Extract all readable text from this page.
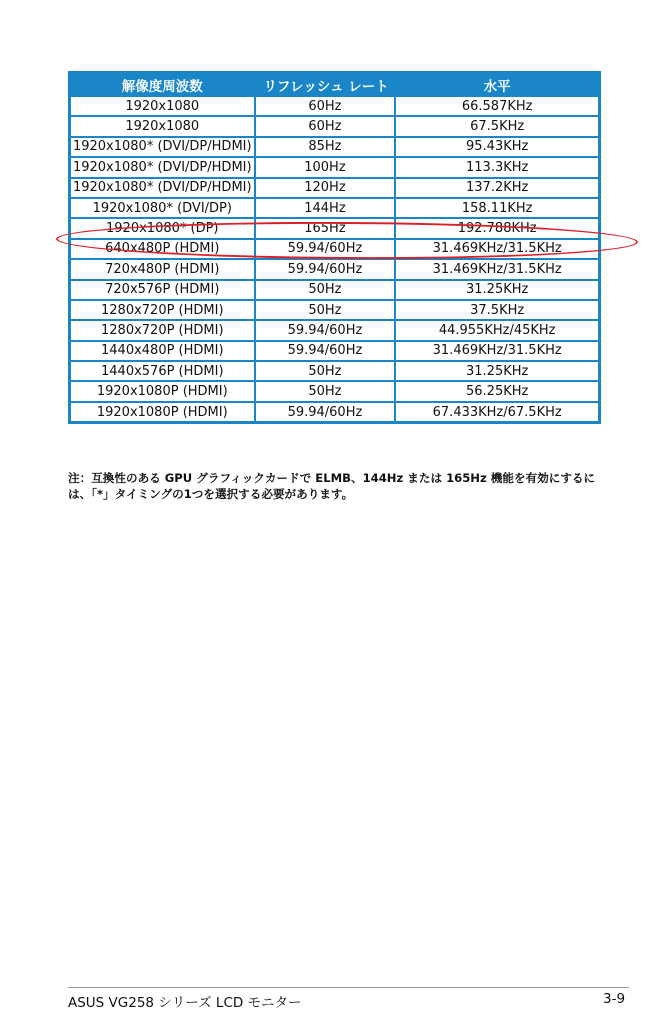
解像度周波数	リフレッシュ レート	水平
1920x1080	60Hz	66.587KHz
1920x1080	60Hz	67.5KHz
1920x1080* (DVI/DP/HDMI)	85Hz	95.43KHz
1920x1080* (DVI/DP/HDMI)	100Hz	113.3KHz
1920x1080* (DVI/DP/HDMI)	120Hz	137.2KHz
1920x1080* (DVI/DP)	144Hz	158.11KHz
1920x1080* (DP)	165Hz	192.788KHz
640x480P (HDMI)	59.94/60Hz	31.469KHz/31.5KHz
720x480P (HDMI)	59.94/60Hz	31.469KHz/31.5KHz
720x576P (HDMI)	50Hz	31.25KHz
1280x720P (HDMI)	50Hz	37.5KHz
1280x720P (HDMI)	59.94/60Hz	44.955KHz/45KHz
1440x480P (HDMI)	59.94/60Hz	31.469KHz/31.5KHz
1440x576P (HDMI)	50Hz	31.25KHz
1920x1080P (HDMI)	50Hz	56.25KHz
1920x1080P (HDMI)	59.94/60Hz	67.433KHz/67.5KHz

注：互換性のある GPU グラフィックカードで ELMB、144Hz または 165Hz 機能を有効にするには、「*」タイミングの1つを選択する必要があります。

ASUS VG258 シリーズ LCD モニター	3-9
